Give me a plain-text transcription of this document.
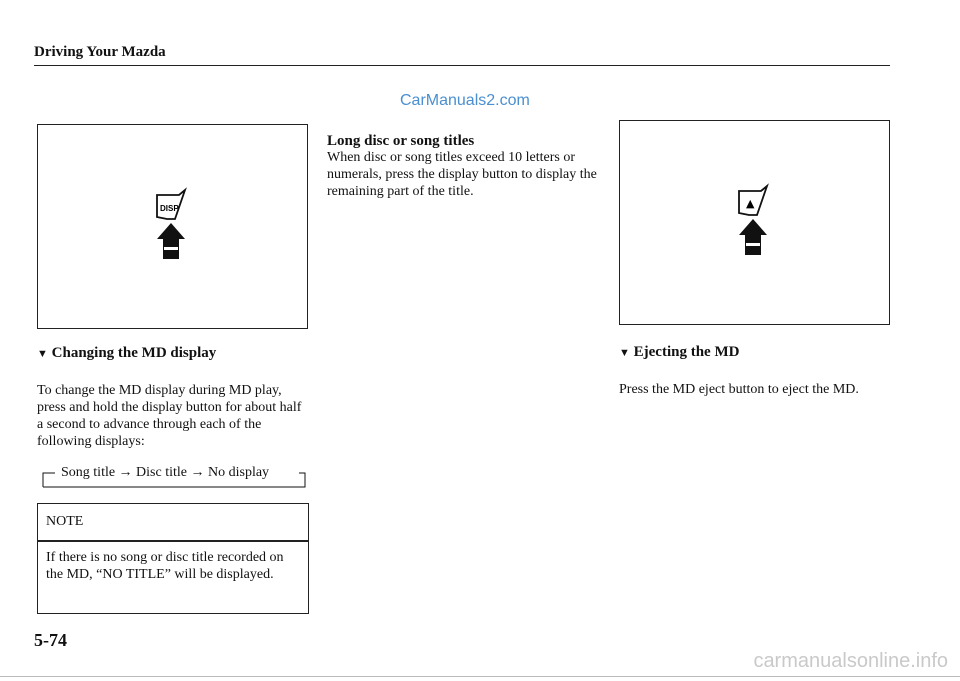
Driving Your Mazda
CarManuals2.com
DISP	▲
▼ Changing the MD display
To change the MD display during MD play, press and hold the display button for about half a second to advance through each of the following displays:
Song title → Disc title → No display
NOTE
If there is no song or disc title recorded on the MD, “NO TITLE” will be displayed.
Long disc or song titles
When disc or song titles exceed 10 letters or numerals, press the display button to display the remaining part of the title.
▼ Ejecting the MD
Press the MD eject button to eject the MD.
5-74
carmanualsonline.info
